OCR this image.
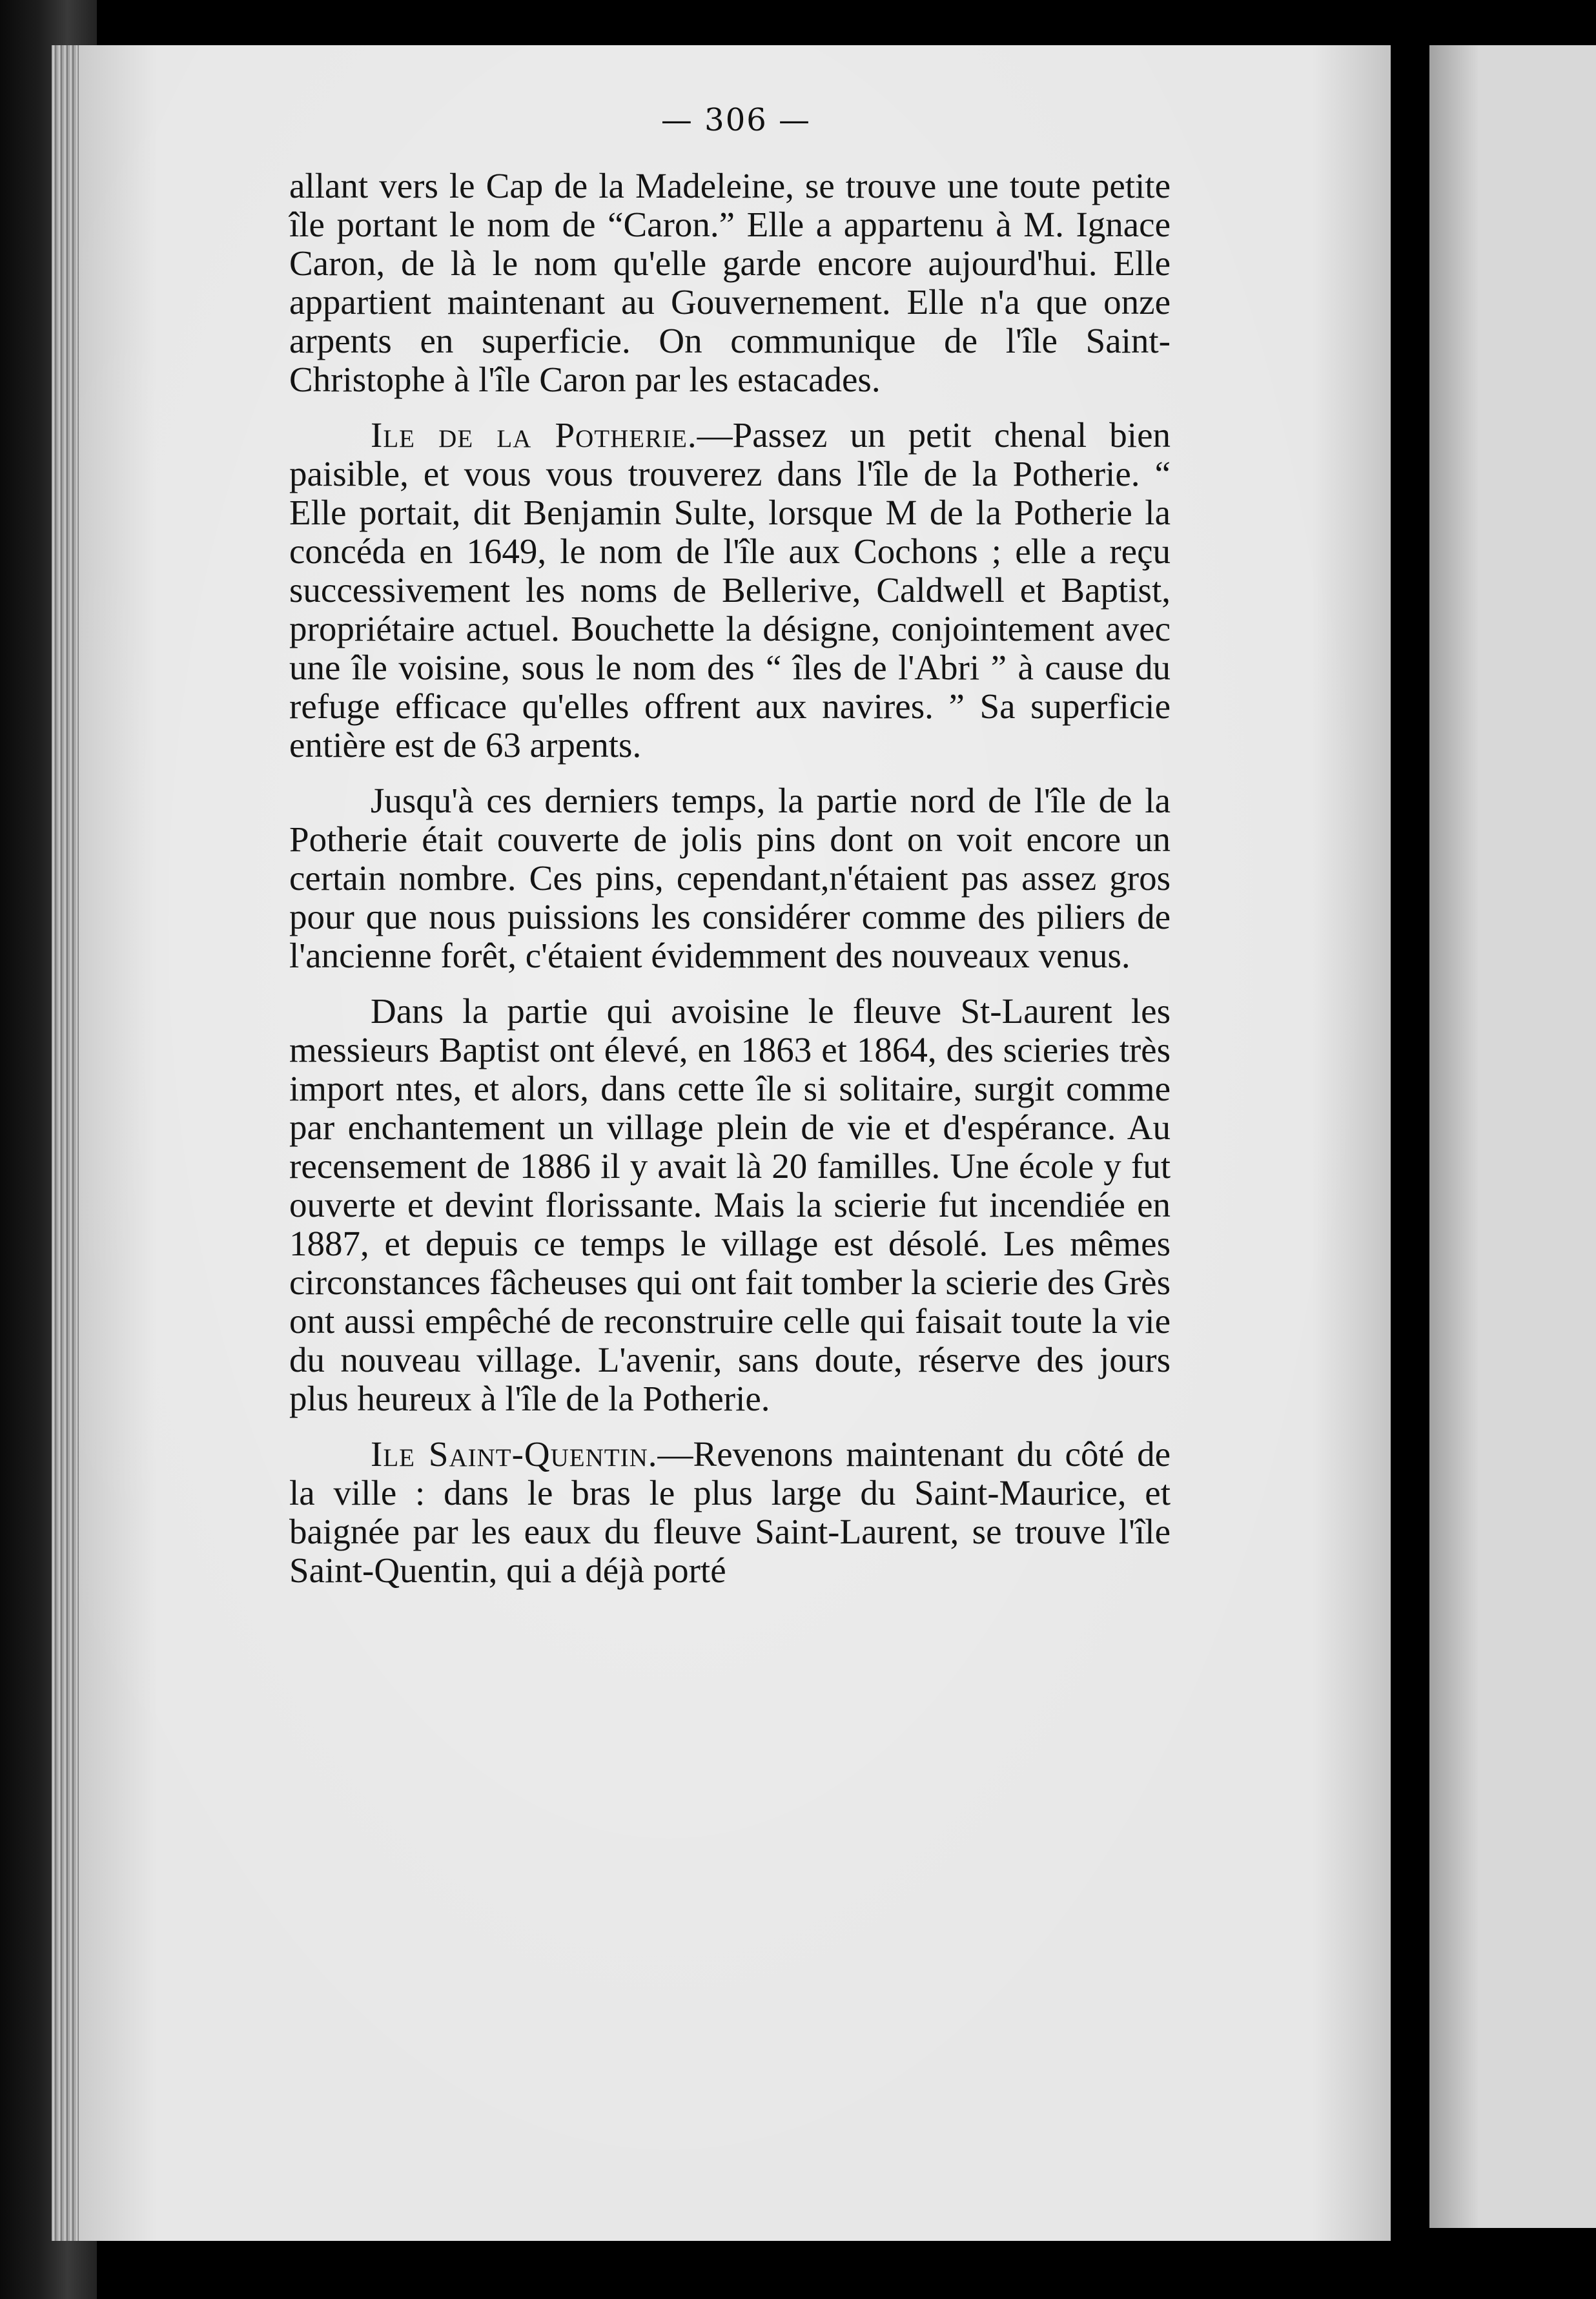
— 306 —

allant vers le Cap de la Madeleine, se trouve une toute petite île portant le nom de “Caron.” Elle a appartenu à M. Ignace Caron, de là le nom qu'elle garde encore aujourd'hui. Elle appartient maintenant au Gouvernement. Elle n'a que onze arpents en superficie. On communique de l'île Saint-Christophe à l'île Caron par les estacades.

Ile de la Potherie.—Passez un petit chenal bien paisible, et vous vous trouverez dans l'île de la Potherie. “ Elle portait, dit Benjamin Sulte, lorsque M de la Potherie la concéda en 1649, le nom de l'île aux Cochons ; elle a reçu successivement les noms de Bellerive, Caldwell et Baptist, propriétaire actuel. Bouchette la désigne, conjointement avec une île voisine, sous le nom des “ îles de l'Abri ” à cause du refuge efficace qu'elles offrent aux navires. ” Sa superficie entière est de 63 arpents.

Jusqu'à ces derniers temps, la partie nord de l'île de la Potherie était couverte de jolis pins dont on voit encore un certain nombre. Ces pins, cependant,n'étaient pas assez gros pour que nous puissions les considérer comme des piliers de l'ancienne forêt, c'étaient évidemment des nouveaux venus.

Dans la partie qui avoisine le fleuve St-Laurent les messieurs Baptist ont élevé, en 1863 et 1864, des scieries très import ntes, et alors, dans cette île si solitaire, surgit comme par enchantement un village plein de vie et d'espérance. Au recensement de 1886 il y avait là 20 familles. Une école y fut ouverte et devint florissante. Mais la scierie fut incendiée en 1887, et depuis ce temps le village est désolé. Les mêmes circonstances fâcheuses qui ont fait tomber la scierie des Grès ont aussi empêché de reconstruire celle qui faisait toute la vie du nouveau village. L'avenir, sans doute, réserve des jours plus heureux à l'île de la Potherie.

Ile Saint-Quentin.—Revenons maintenant du côté de la ville : dans le bras le plus large du Saint-Maurice, et baignée par les eaux du fleuve Saint-Laurent, se trouve l'île Saint-Quentin, qui a déjà porté
